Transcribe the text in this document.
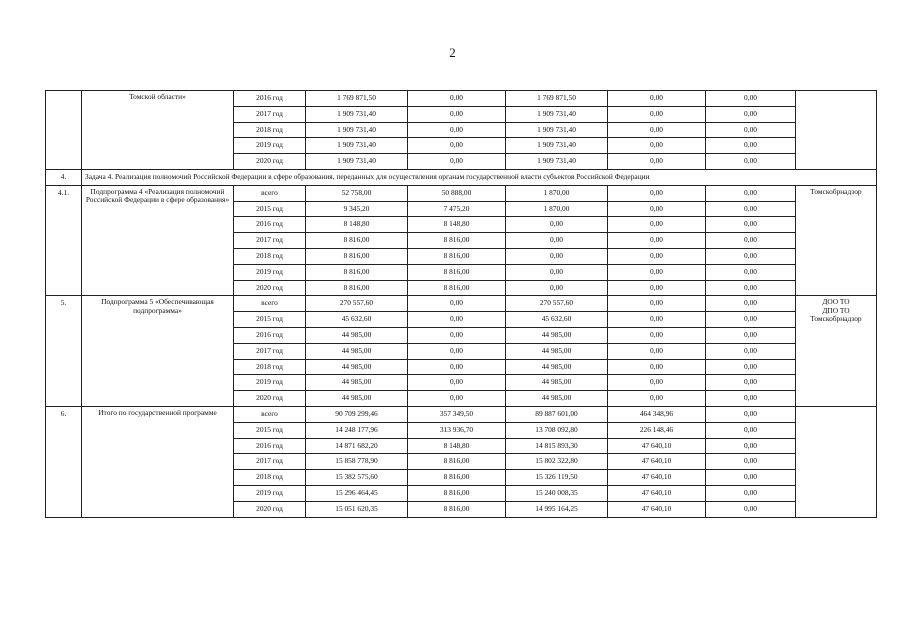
2
	Томской области»	2016 год	1 769 871,50	0,00	1 769 871,50	0,00	0,00	
		2017 год	1 909 731,40	0,00	1 909 731,40	0,00	0,00	
		2018 год	1 909 731,40	0,00	1 909 731,40	0,00	0,00	
		2019 год	1 909 731,40	0,00	1 909 731,40	0,00	0,00	
		2020 год	1 909 731,40	0,00	1 909 731,40	0,00	0,00	
4.	Задача 4. Реализация полномочий Российской Федерации в сфере образования, переданных для осуществления органам государственной власти субъектов Российской Федерации							
4.1.	Подпрограмма 4 «Реализация полномочий Российской Федерации в сфере образования»	всего	52 758,00	50 888,00	1 870,00	0,00	0,00	Томскобрнадзор
		2015 год	9 345,20	7 475,20	1 870,00	0,00	0,00	
		2016 год	8 148,80	8 148,80	0,00	0,00	0,00	
		2017 год	8 816,00	8 816,00	0,00	0,00	0,00	
		2018 год	8 816,00	8 816,00	0,00	0,00	0,00	
		2019 год	8 816,00	8 816,00	0,00	0,00	0,00	
		2020 год	8 816,00	8 816,00	0,00	0,00	0,00	
5.	Подпрограмма 5 «Обеспечивающая подпрограмма»	всего	270 557,60	0,00	270 557,60	0,00	0,00	ДОО ТО
ДПО ТО
Томскобрнадзор
		2015 год	45 632,60	0,00	45 632,60	0,00	0,00	
		2016 год	44 985,00	0,00	44 985,00	0,00	0,00	
		2017 год	44 985,00	0,00	44 985,00	0,00	0,00	
		2018 год	44 985,00	0,00	44 985,00	0,00	0,00	
		2019 год	44 985,00	0,00	44 985,00	0,00	0,00	
		2020 год	44 985,00	0,00	44 985,00	0,00	0,00	
6.	Итого по государственной программе	всего	90 709 299,46	357 349,50	89 887 601,00	464 348,96	0,00	
		2015 год	14 248 177,96	313 936,70	13 708 092,80	226 148,46	0,00	
		2016 год	14 871 682,20	8 148,80	14 815 893,30	47 640,10	0,00	
		2017 год	15 858 778,90	8 816,00	15 802 322,80	47 640,10	0,00	
		2018 год	15 382 575,60	8 816,00	15 326 119,50	47 640,10	0,00	
		2019 год	15 296 464,45	8 816,00	15 240 008,35	47 640,10	0,00	
		2020 год	15 051 620,35	8 816,00	14 995 164,25	47 640,10	0,00	
